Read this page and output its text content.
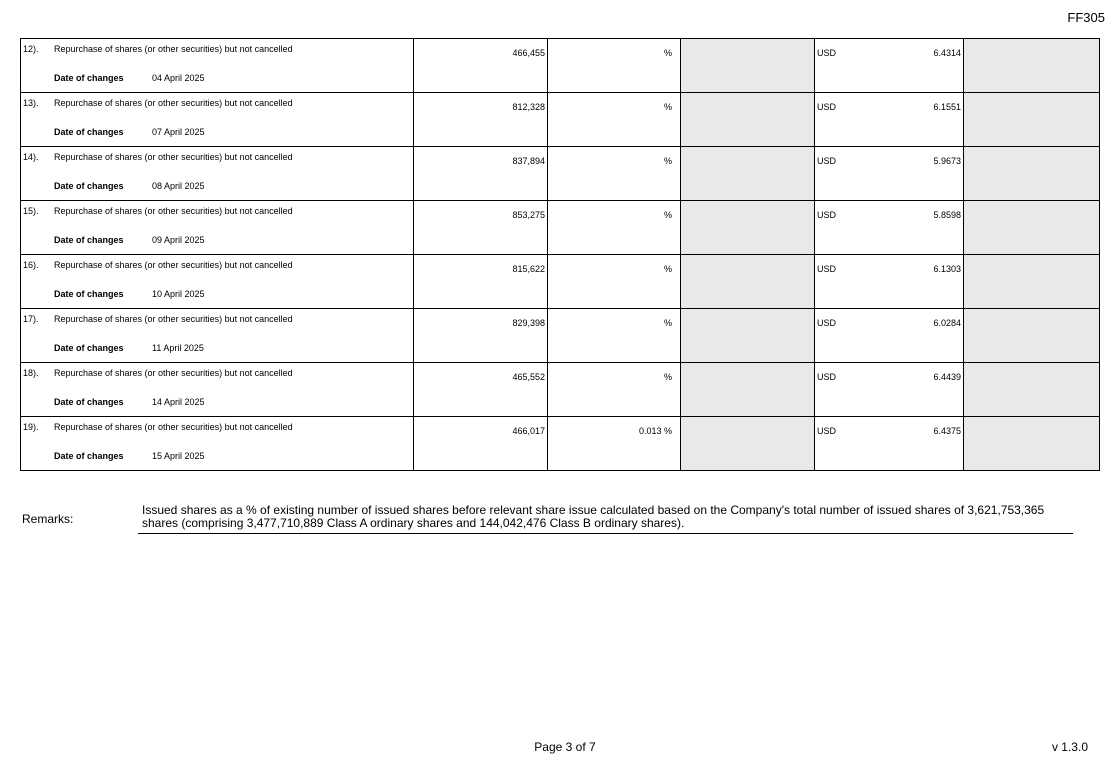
FF305
12). Repurchase of shares (or other securities) but not cancelled
Date of changes 04 April 2025	466,455	%		USD 6.4314	

13). Repurchase of shares (or other securities) but not cancelled
Date of changes 07 April 2025	812,328	%		USD 6.1551	

14). Repurchase of shares (or other securities) but not cancelled
Date of changes 08 April 2025	837,894	%		USD 5.9673	

15). Repurchase of shares (or other securities) but not cancelled
Date of changes 09 April 2025	853,275	%		USD 5.8598	

16). Repurchase of shares (or other securities) but not cancelled
Date of changes 10 April 2025	815,622	%		USD 6.1303	

17). Repurchase of shares (or other securities) but not cancelled
Date of changes 11 April 2025	829,398	%		USD 6.0284	

18). Repurchase of shares (or other securities) but not cancelled
Date of changes 14 April 2025	465,552	%		USD 6.4439	

19). Repurchase of shares (or other securities) but not cancelled
Date of changes 15 April 2025	466,017	0.013 %		USD 6.4375	

Remarks:
Issued shares as a % of existing number of issued shares before relevant share issue calculated based on the Company's total number of issued shares of 3,621,753,365 shares (comprising 3,477,710,889 Class A ordinary shares and 144,042,476 Class B ordinary shares).
Page 3 of 7	v 1.3.0
